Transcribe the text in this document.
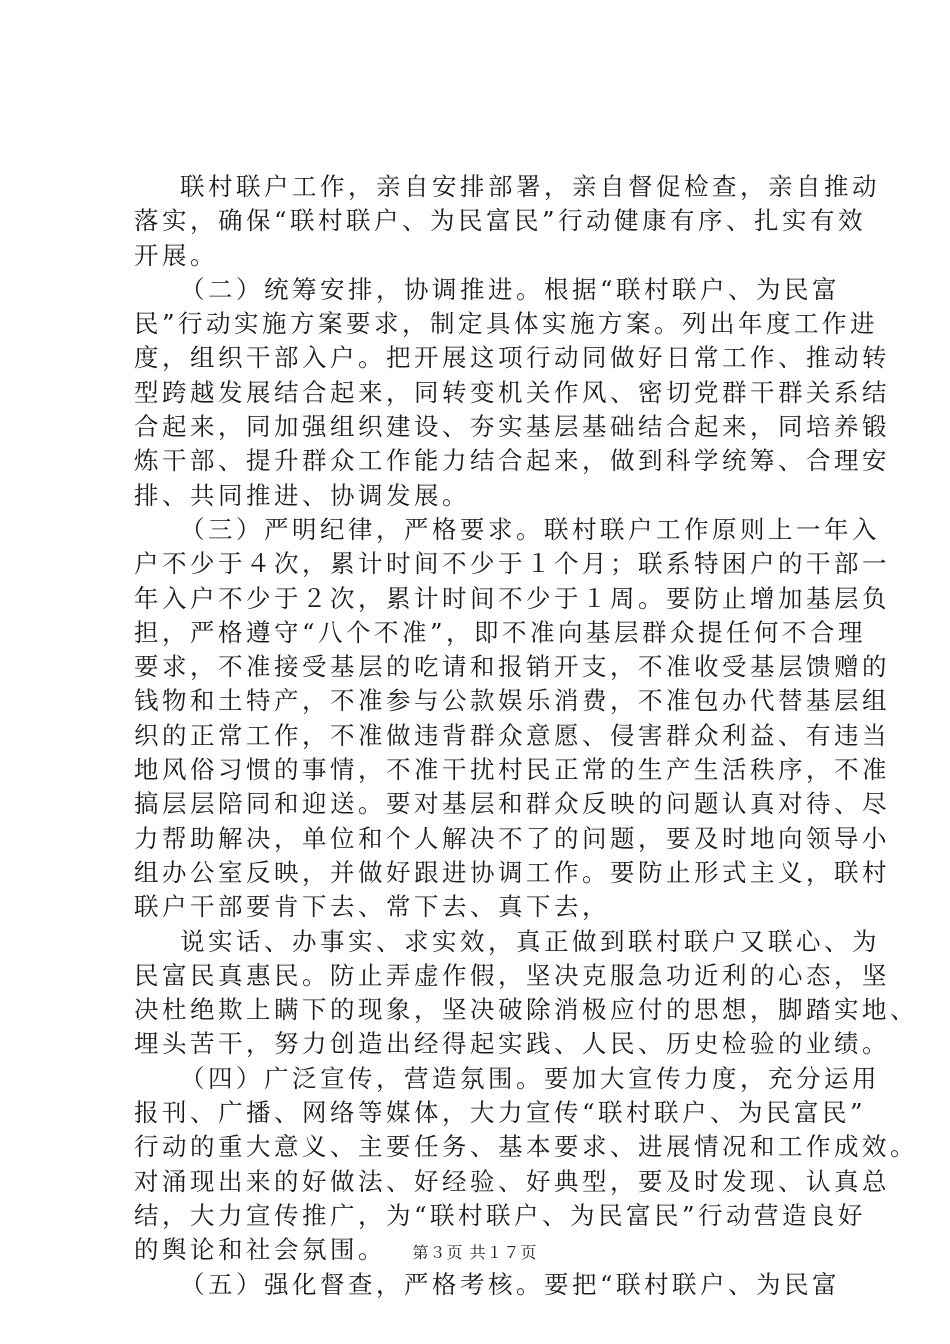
联村联户工作，亲自安排部署，亲自督促检查，亲自推动
落实，确保“联村联户、为民富民”行动健康有序、扎实有效
开展。
（二）统筹安排，协调推进。根据“联村联户、为民富
民”行动实施方案要求，制定具体实施方案。列出年度工作进
度，组织干部入户。把开展这项行动同做好日常工作、推动转
型跨越发展结合起来，同转变机关作风、密切党群干群关系结
合起来，同加强组织建设、夯实基层基础结合起来，同培养锻
炼干部、提升群众工作能力结合起来，做到科学统筹、合理安
排、共同推进、协调发展。
（三）严明纪律，严格要求。联村联户工作原则上一年入
户不少于４次，累计时间不少于１个月；联系特困户的干部一
年入户不少于２次，累计时间不少于１周。要防止增加基层负
担，严格遵守“八个不准”，即不准向基层群众提任何不合理
要求，不准接受基层的吃请和报销开支，不准收受基层馈赠的
钱物和土特产，不准参与公款娱乐消费，不准包办代替基层组
织的正常工作，不准做违背群众意愿、侵害群众利益、有违当
地风俗习惯的事情，不准干扰村民正常的生产生活秩序，不准
搞层层陪同和迎送。要对基层和群众反映的问题认真对待、尽
力帮助解决，单位和个人解决不了的问题，要及时地向领导小
组办公室反映，并做好跟进协调工作。要防止形式主义，联村
联户干部要肯下去、常下去、真下去，
说实话、办事实、求实效，真正做到联村联户又联心、为
民富民真惠民。防止弄虚作假，坚决克服急功近利的心态，坚
决杜绝欺上瞒下的现象，坚决破除消极应付的思想，脚踏实地、
埋头苦干，努力创造出经得起实践、人民、历史检验的业绩。
（四）广泛宣传，营造氛围。要加大宣传力度，充分运用
报刊、广播、网络等媒体，大力宣传“联村联户、为民富民”
行动的重大意义、主要任务、基本要求、进展情况和工作成效。
对涌现出来的好做法、好经验、好典型，要及时发现、认真总
结，大力宣传推广，为“联村联户、为民富民”行动营造良好
的舆论和社会氛围。
（五）强化督查，严格考核。要把“联村联户、为民富
第３页 共１７页
